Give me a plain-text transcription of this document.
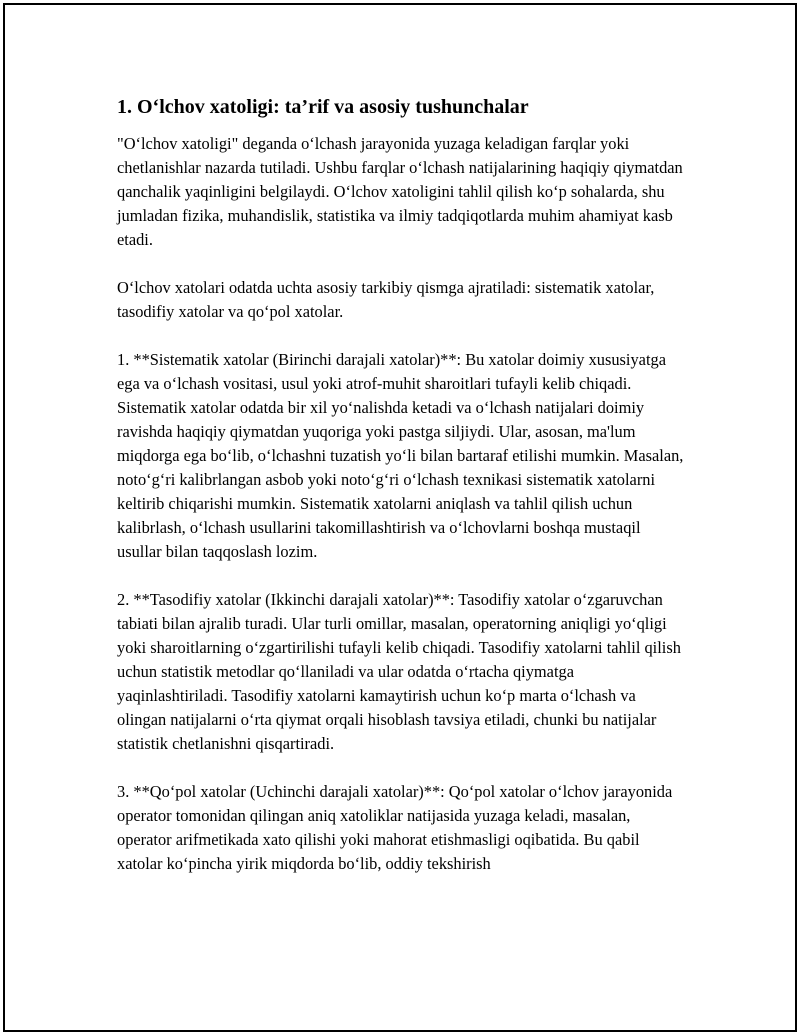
1. O‘lchov xatoligi: ta’rif va asosiy tushunchalar

"O‘lchov xatoligi" deganda o‘lchash jarayonida yuzaga keladigan farqlar yoki chetlanishlar nazarda tutiladi. Ushbu farqlar o‘lchash natijalarining haqiqiy qiymatdan qanchalik yaqinligini belgilaydi. O‘lchov xatoligini tahlil qilish ko‘p sohalarda, shu jumladan fizika, muhandislik, statistika va ilmiy tadqiqotlarda muhim ahamiyat kasb etadi.

O‘lchov xatolari odatda uchta asosiy tarkibiy qismga ajratiladi: sistematik xatolar, tasodifiy xatolar va qo‘pol xatolar.

1. **Sistematik xatolar (Birinchi darajali xatolar)**: Bu xatolar doimiy xususiyatga ega va o‘lchash vositasi, usul yoki atrof-muhit sharoitlari tufayli kelib chiqadi. Sistematik xatolar odatda bir xil yo‘nalishda ketadi va o‘lchash natijalari doimiy ravishda haqiqiy qiymatdan yuqoriga yoki pastga siljiydi. Ular, asosan, ma'lum miqdorga ega bo‘lib, o‘lchashni tuzatish yo‘li bilan bartaraf etilishi mumkin. Masalan, noto‘g‘ri kalibrlangan asbob yoki noto‘g‘ri o‘lchash texnikasi sistematik xatolarni keltirib chiqarishi mumkin. Sistematik xatolarni aniqlash va tahlil qilish uchun kalibrlash, o‘lchash usullarini takomillashtirish va o‘lchovlarni boshqa mustaqil usullar bilan taqqoslash lozim.

2. **Tasodifiy xatolar (Ikkinchi darajali xatolar)**: Tasodifiy xatolar o‘zgaruvchan tabiati bilan ajralib turadi. Ular turli omillar, masalan, operatorning aniqligi yo‘qligi yoki sharoitlarning o‘zgartirilishi tufayli kelib chiqadi. Tasodifiy xatolarni tahlil qilish uchun statistik metodlar qo‘llaniladi va ular odatda o‘rtacha qiymatga yaqinlashtiriladi. Tasodifiy xatolarni kamaytirish uchun ko‘p marta o‘lchash va olingan natijalarni o‘rta qiymat orqali hisoblash tavsiya etiladi, chunki bu natijalar statistik chetlanishni qisqartiradi.

3. **Qo‘pol xatolar (Uchinchi darajali xatolar)**: Qo‘pol xatolar o‘lchov jarayonida operator tomonidan qilingan aniq xatoliklar natijasida yuzaga keladi, masalan, operator arifmetikada xato qilishi yoki mahorat etishmasligi oqibatida. Bu qabil xatolar ko‘pincha yirik miqdorda bo‘lib, oddiy tekshirish
